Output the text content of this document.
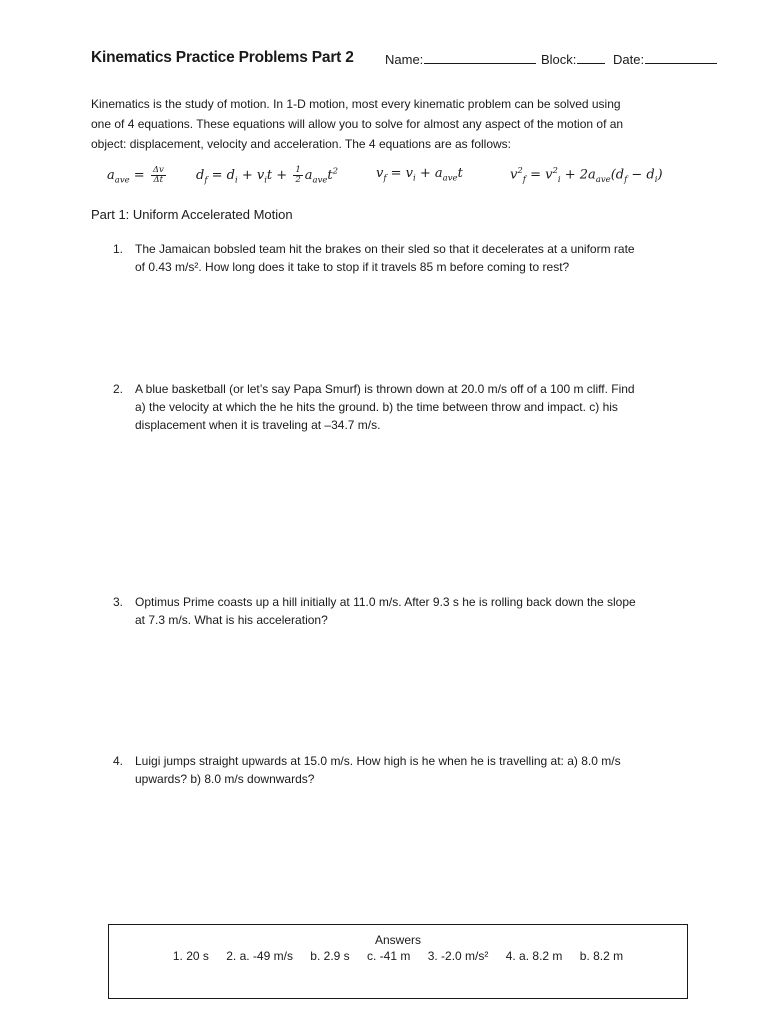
Kinematics Practice Problems Part 2 Name:	Block:	Date:

Kinematics is the study of motion. In 1-D motion, most every kinematic problem can be solved using

one of 4 equations. These equations will allow you to solve for almost any aspect of the motion of an

object: displacement, velocity and acceleration. The 4 equations are as follows:

$a_{ave} = \frac{\Delta v}{\Delta t} d_f = d_i + v_it + \frac{1}{2} a_{ave}t^2$	$v_f = v_i + a_{ave}t$	$v^2_f = v^2_i + 2a_{ave}(d_f - d_i)$
Part 1: Uniform Accelerated Motion
1. The Jamaican bobsled team hit the brakes on their sled so that it decelerates at a uniform rate
of 0.43 m/s². How long does it take to stop if it travels 85 m before coming to rest?
2. A blue basketball (or let’s say Papa Smurf) is thrown down at 20.0 m/s off of a 100 m cliff. Find
a) the velocity at which the he hits the ground. b) the time between throw and impact. c) his
displacement when it is traveling at –34.7 m/s.
3. Optimus Prime coasts up a hill initially at 11.0 m/s. After 9.3 s he is rolling back down the slope
at 7.3 m/s. What is his acceleration?
4. Luigi jumps straight upwards at 15.0 m/s. How high is he when he is travelling at: a) 8.0 m/s
upwards? b) 8.0 m/s downwards?
Answers
1. 20 s 2. a. -49 m/s b. 2.9 s c. -41 m 3. -2.0 m/s² 4. a. 8.2 m b. 8.2 m
